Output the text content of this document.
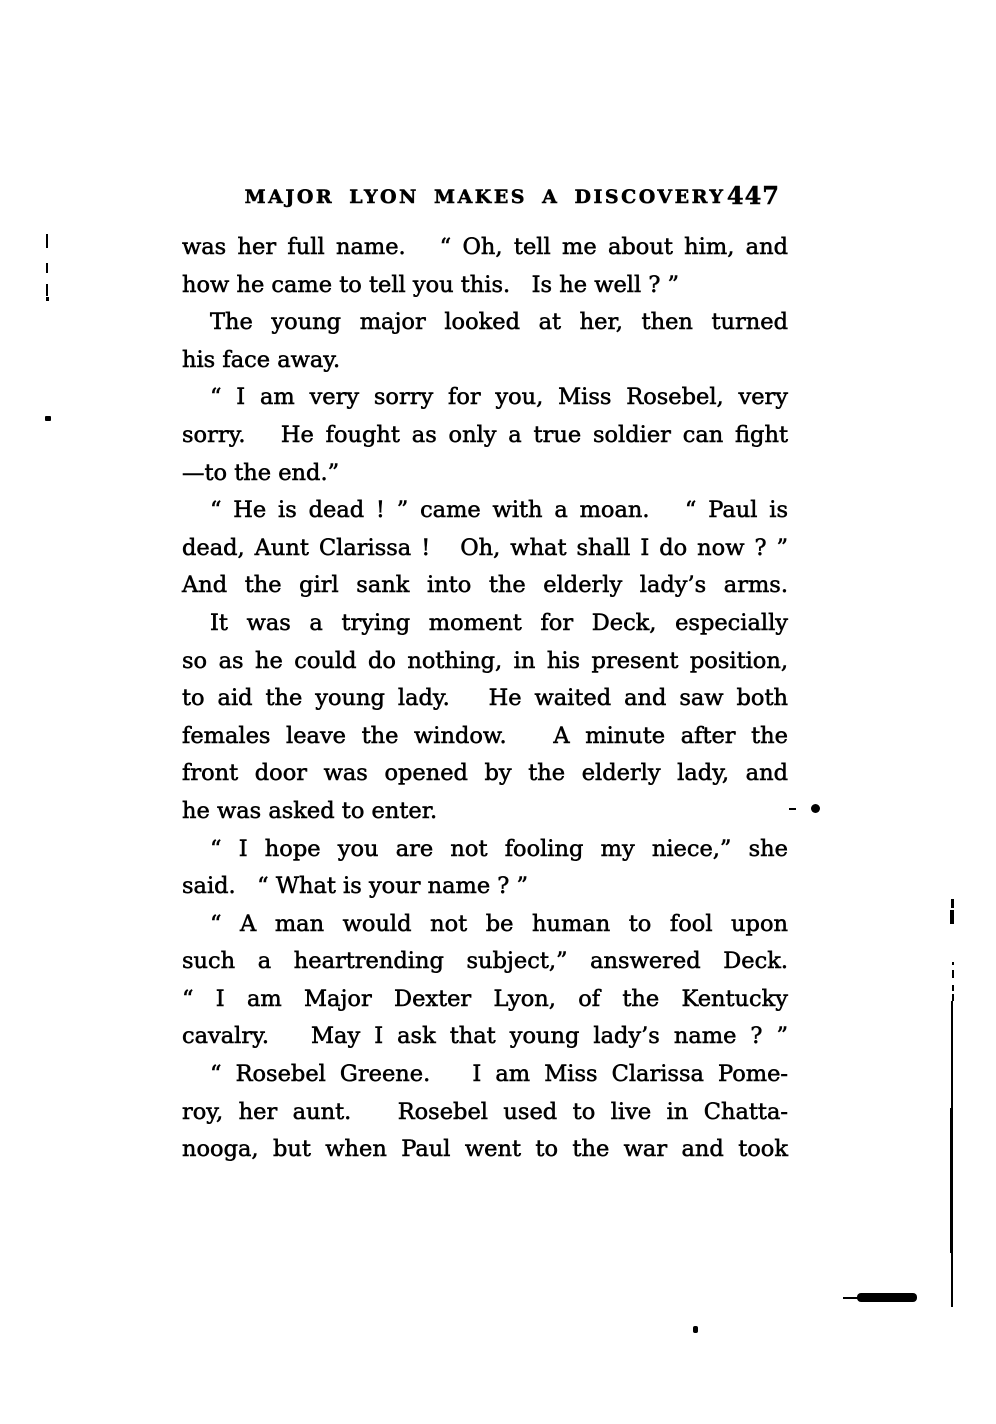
MAJOR LYON MAKES A DISCOVERY 447
was her full name.   “ Oh, tell me about him, and
how he came to tell you this.   Is he well ? ”
The young major looked at her, then turned
his face away.
“ I am very sorry for you, Miss Rosebel, very
sorry.   He fought as only a true soldier can fight
—to the end.”
“ He is dead ! ” came with a moan.   “ Paul is
dead, Aunt Clarissa !   Oh, what shall I do now ? ”
And the girl sank into the elderly lady’s arms.
It was a trying moment for Deck, especially
so as he could do nothing, in his present position,
to aid the young lady.   He waited and saw both
females leave the window.   A minute after the
front door was opened by the elderly lady, and
he was asked to enter.
“ I hope you are not fooling my niece,” she
said.   “ What is your name ? ”
“ A man would not be human to fool upon
such a heartrending subject,” answered Deck.
“ I am Major Dexter Lyon, of the Kentucky
cavalry.   May I ask that young lady’s name ? ”
“ Rosebel Greene.   I am Miss Clarissa Pome-
roy, her aunt.   Rosebel used to live in Chatta-
nooga, but when Paul went to the war and took
